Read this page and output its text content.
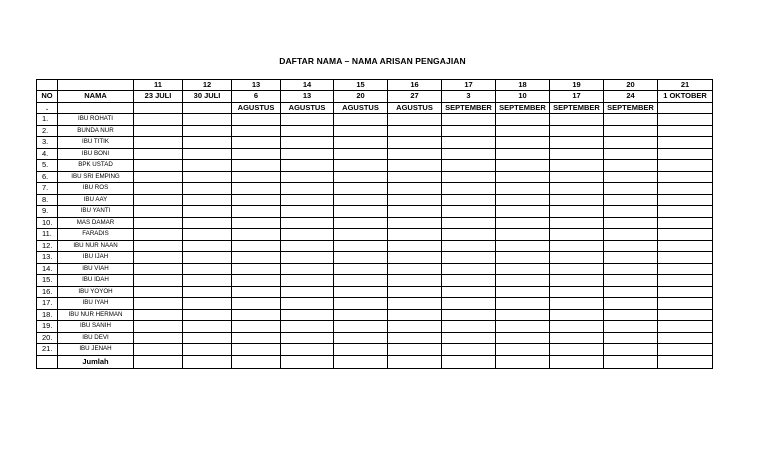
DAFTAR NAMA – NAMA ARISAN PENGAJIAN
		11	12	13	14	15	16	17	18	19	20	21
NO	NAMA	23 JULI	30 JULI	6	13	20	27	3	10	17	24	1 OKTOBER
.				AGUSTUS	AGUSTUS	AGUSTUS	AGUSTUS	SEPTEMBER	SEPTEMBER	SEPTEMBER	SEPTEMBER	
1.	IBU ROHATI											
2.	BUNDA NUR											
3.	IBU TITIK											
4.	IBU BONI											
5.	BPK USTAD											
6.	IBU SRI EMPING											
7.	IBU ROS											
8.	IBU AAY											
9.	IBU YANTI											
10.	MAS DAMAR											
11.	FARADIS											
12.	IBU NUR NAAN											
13.	IBU IJAH											
14.	IBU VIAH											
15.	IBU IDAH											
16.	IBU YOYOH											
17.	IBU IYAH											
18.	IBU NUR HERMAN											
19.	IBU SANIH											
20.	IBU DEVI											
21.	IBU JENAH											
	Jumlah											
